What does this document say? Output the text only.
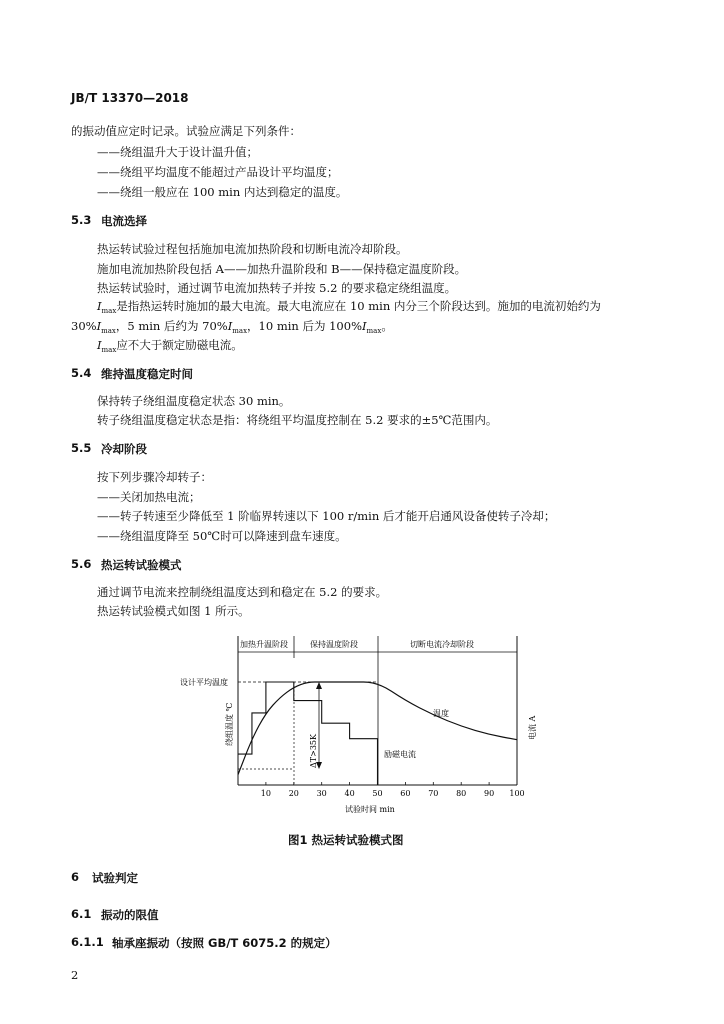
JB/T 13370—2018
的振动值应定时记录。试验应满足下列条件：
——绕组温升大于设计温升值；
——绕组平均温度不能超过产品设计平均温度；
——绕组一般应在 100 min 内达到稳定的温度。
5.3 电流选择
热运转试验过程包括施加电流加热阶段和切断电流冷却阶段。
施加电流加热阶段包括 A——加热升温阶段和 B——保持稳定温度阶段。
热运转试验时，通过调节电流加热转子并按 5.2 的要求稳定绕组温度。
$I_{max}$是指热运转时施加的最大电流。最大电流应在 10 min 内分三个阶段达到。施加的电流初始约为
$30\%I_{max}$，5 min 后约为 $70\%I_{max}$，10 min 后为 $100\%I_{max}$。
$I_{max}$应不大于额定励磁电流。
5.4 维持温度稳定时间
保持转子绕组温度稳定状态 30 min。
转子绕组温度稳定状态是指：将绕组平均温度控制在 5.2 要求的±5℃范围内。
5.5 冷却阶段
按下列步骤冷却转子：
——关闭加热电流；
——转子转速至少降低至 1 阶临界转速以下 100 r/min 后才能开启通风设备使转子冷却；
——绕组温度降至 50℃时可以降速到盘车速度。
5.6 热运转试验模式
通过调节电流来控制绕组温度达到和稳定在 5.2 的要求。
热运转试验模式如图 1 所示。
加热升温阶段	保持温度阶段	切断电流冷却阶段
设计平均温度
绕组温度 ℃	电流 A
ΔT>35K
温度
励磁电流
10 20 30 40 50 60 70 80 90 100
试验时间 min
图1 热运转试验模式图
6 试验判定
6.1 振动的限值
6.1.1 轴承座振动（按照 GB/T 6075.2 的规定）
2
